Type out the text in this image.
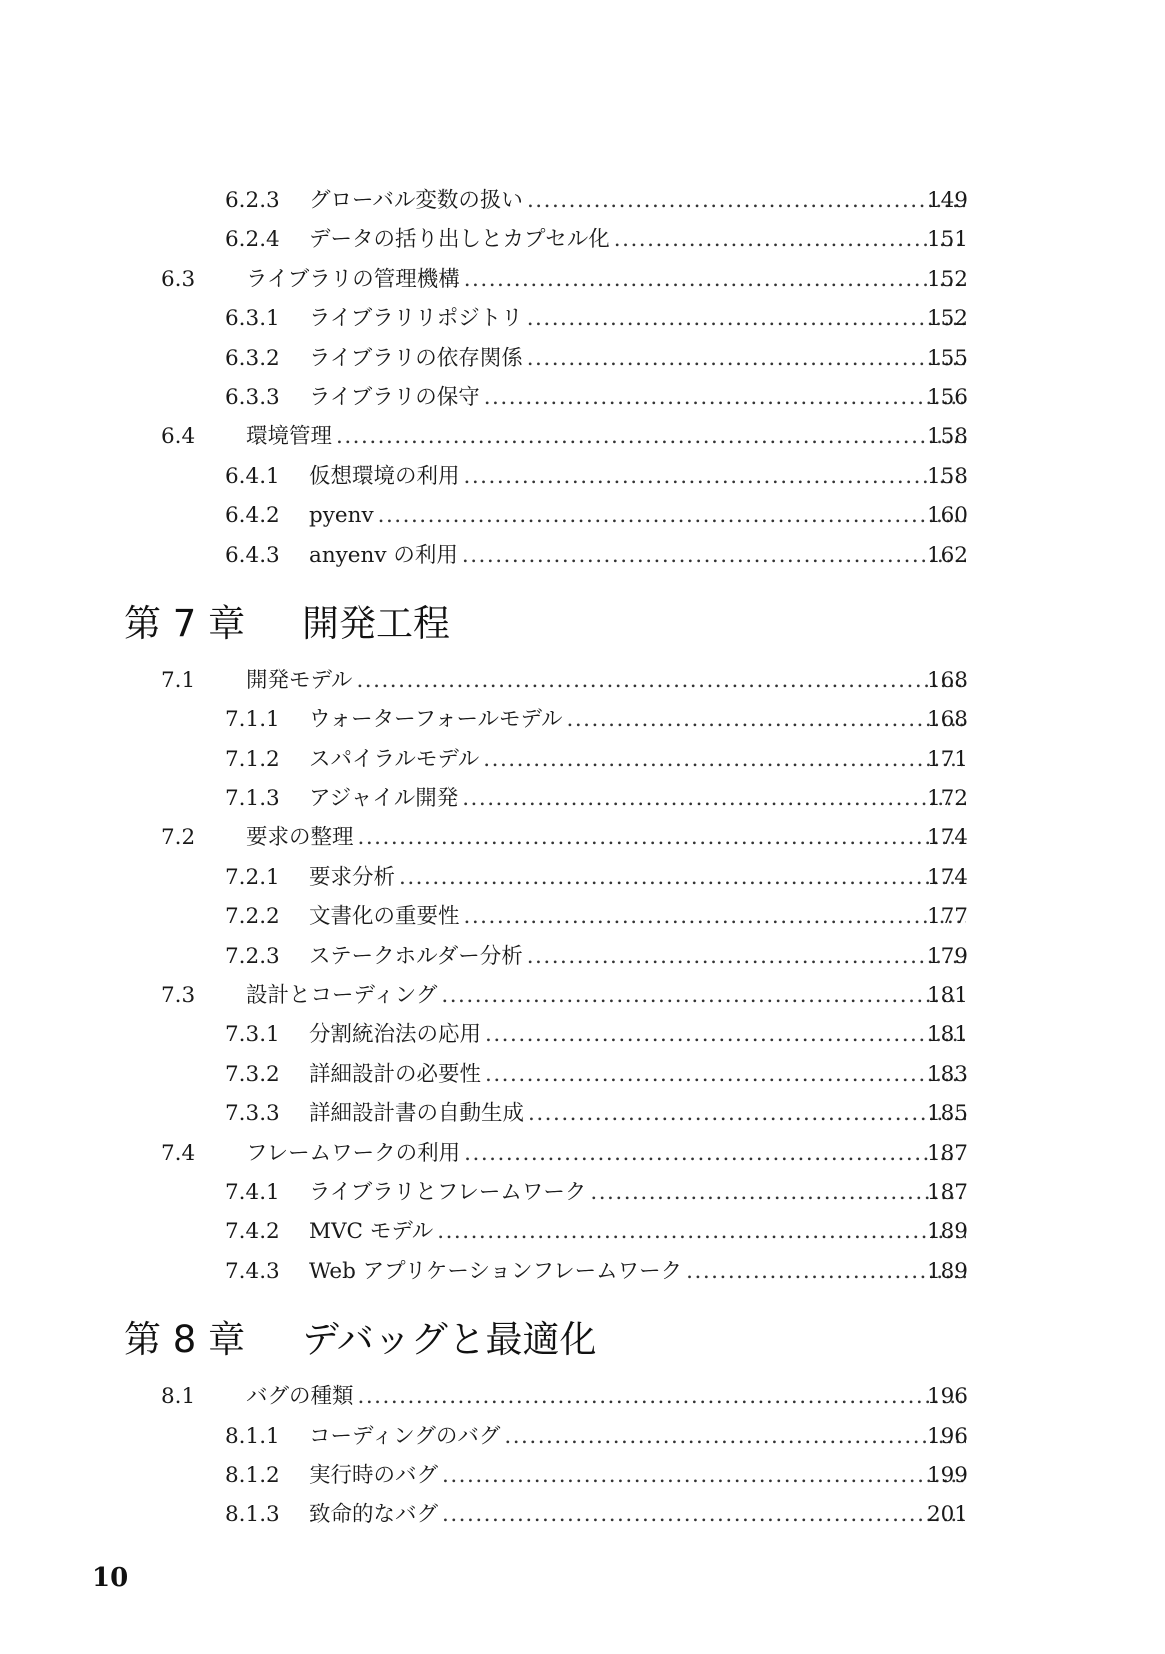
6.2.3 グローバル変数の扱い .....	149
6.2.4 データの括り出しとカプセル化 .....	151
6.3 ライブラリの管理機構 .....	152
6.3.1 ライブラリリポジトリ .....	152
6.3.2 ライブラリの依存関係 .....	155
6.3.3 ライブラリの保守 .....	156
6.4 環境管理 .....	158
6.4.1 仮想環境の利用 .....	158
6.4.2 pyenv .....	160
6.4.3 anyenv の利用 .....	162
第 7 章 開発工程
7.1 開発モデル .....	168
7.1.1 ウォーターフォールモデル .....	168
7.1.2 スパイラルモデル .....	171
7.1.3 アジャイル開発 .....	172
7.2 要求の整理 .....	174
7.2.1 要求分析 .....	174
7.2.2 文書化の重要性 .....	177
7.2.3 ステークホルダー分析 .....	179
7.3 設計とコーディング .....	181
7.3.1 分割統治法の応用 .....	181
7.3.2 詳細設計の必要性 .....	183
7.3.3 詳細設計書の自動生成 .....	185
7.4 フレームワークの利用 .....	187
7.4.1 ライブラリとフレームワーク .....	187
7.4.2 MVC モデル .....	189
7.4.3 Web アプリケーションフレームワーク .....	189
第 8 章 デバッグと最適化
8.1 バグの種類 .....	196
8.1.1 コーディングのバグ .....	196
8.1.2 実行時のバグ .....	199
8.1.3 致命的なバグ .....	201
10
